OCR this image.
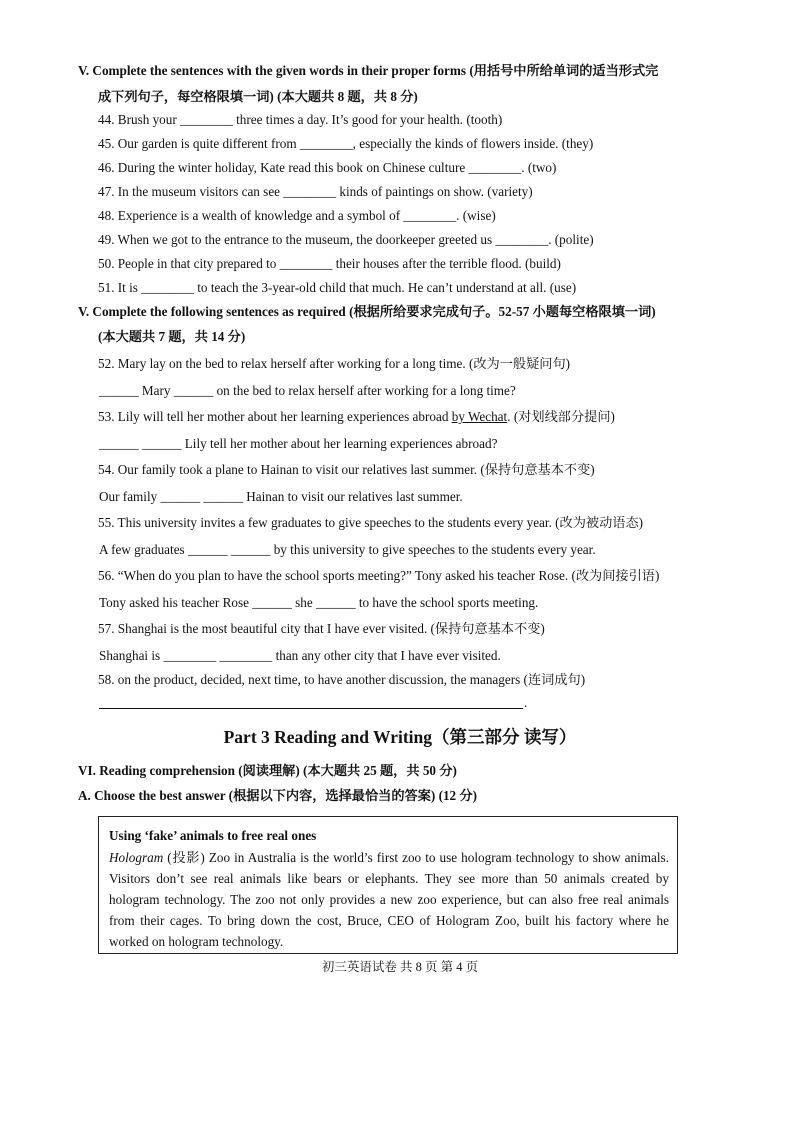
V. Complete the sentences with the given words in their proper forms (用括号中所给单词的适当形式完
成下列句子，每空格限填一词) (本大题共 8 题，共 8 分)
44. Brush your ________ three times a day. It’s good for your health. (tooth)
45. Our garden is quite different from ________, especially the kinds of flowers inside. (they)
46. During the winter holiday, Kate read this book on Chinese culture ________. (two)
47. In the museum visitors can see ________ kinds of paintings on show. (variety)
48. Experience is a wealth of knowledge and a symbol of ________. (wise)
49. When we got to the entrance to the museum, the doorkeeper greeted us ________. (polite)
50. People in that city prepared to ________ their houses after the terrible flood. (build)
51. It is ________ to teach the 3-year-old child that much. He can’t understand at all. (use)
V. Complete the following sentences as required (根据所给要求完成句子。52-57 小题每空格限填一词)
(本大题共 7 题，共 14 分)
52. Mary lay on the bed to relax herself after working for a long time. (改为一般疑问句)
______ Mary ______ on the bed to relax herself after working for a long time?
53. Lily will tell her mother about her learning experiences abroad by Wechat. (对划线部分提问)
______ ______ Lily tell her mother about her learning experiences abroad?
54. Our family took a plane to Hainan to visit our relatives last summer. (保持句意基本不变)
Our family ______ ______ Hainan to visit our relatives last summer.
55. This university invites a few graduates to give speeches to the students every year. (改为被动语态)
A few graduates ______ ______ by this university to give speeches to the students every year.
56. “When do you plan to have the school sports meeting?” Tony asked his teacher Rose. (改为间接引语)
Tony asked his teacher Rose ______ she ______ to have the school sports meeting.
57. Shanghai is the most beautiful city that I have ever visited. (保持句意基本不变)
Shanghai is ________ ________ than any other city that I have ever visited.
58. on the product, decided, next time, to have another discussion, the managers (连词成句)
.
Part 3 Reading and Writing（第三部分 读写）
VI. Reading comprehension (阅读理解) (本大题共 25 题，共 50 分)
A. Choose the best answer (根据以下内容，选择最恰当的答案) (12 分)
Using ‘fake’ animals to free real ones
Hologram (投影) Zoo in Australia is the world’s first zoo to use hologram technology to show animals. Visitors don’t see real animals like bears or elephants. They see more than 50 animals created by hologram technology. The zoo not only provides a new zoo experience, but can also free real animals from their cages. To bring down the cost, Bruce, CEO of Hologram Zoo, built his factory where he worked on hologram technology.
初三英语试卷 共 8 页 第 4 页
